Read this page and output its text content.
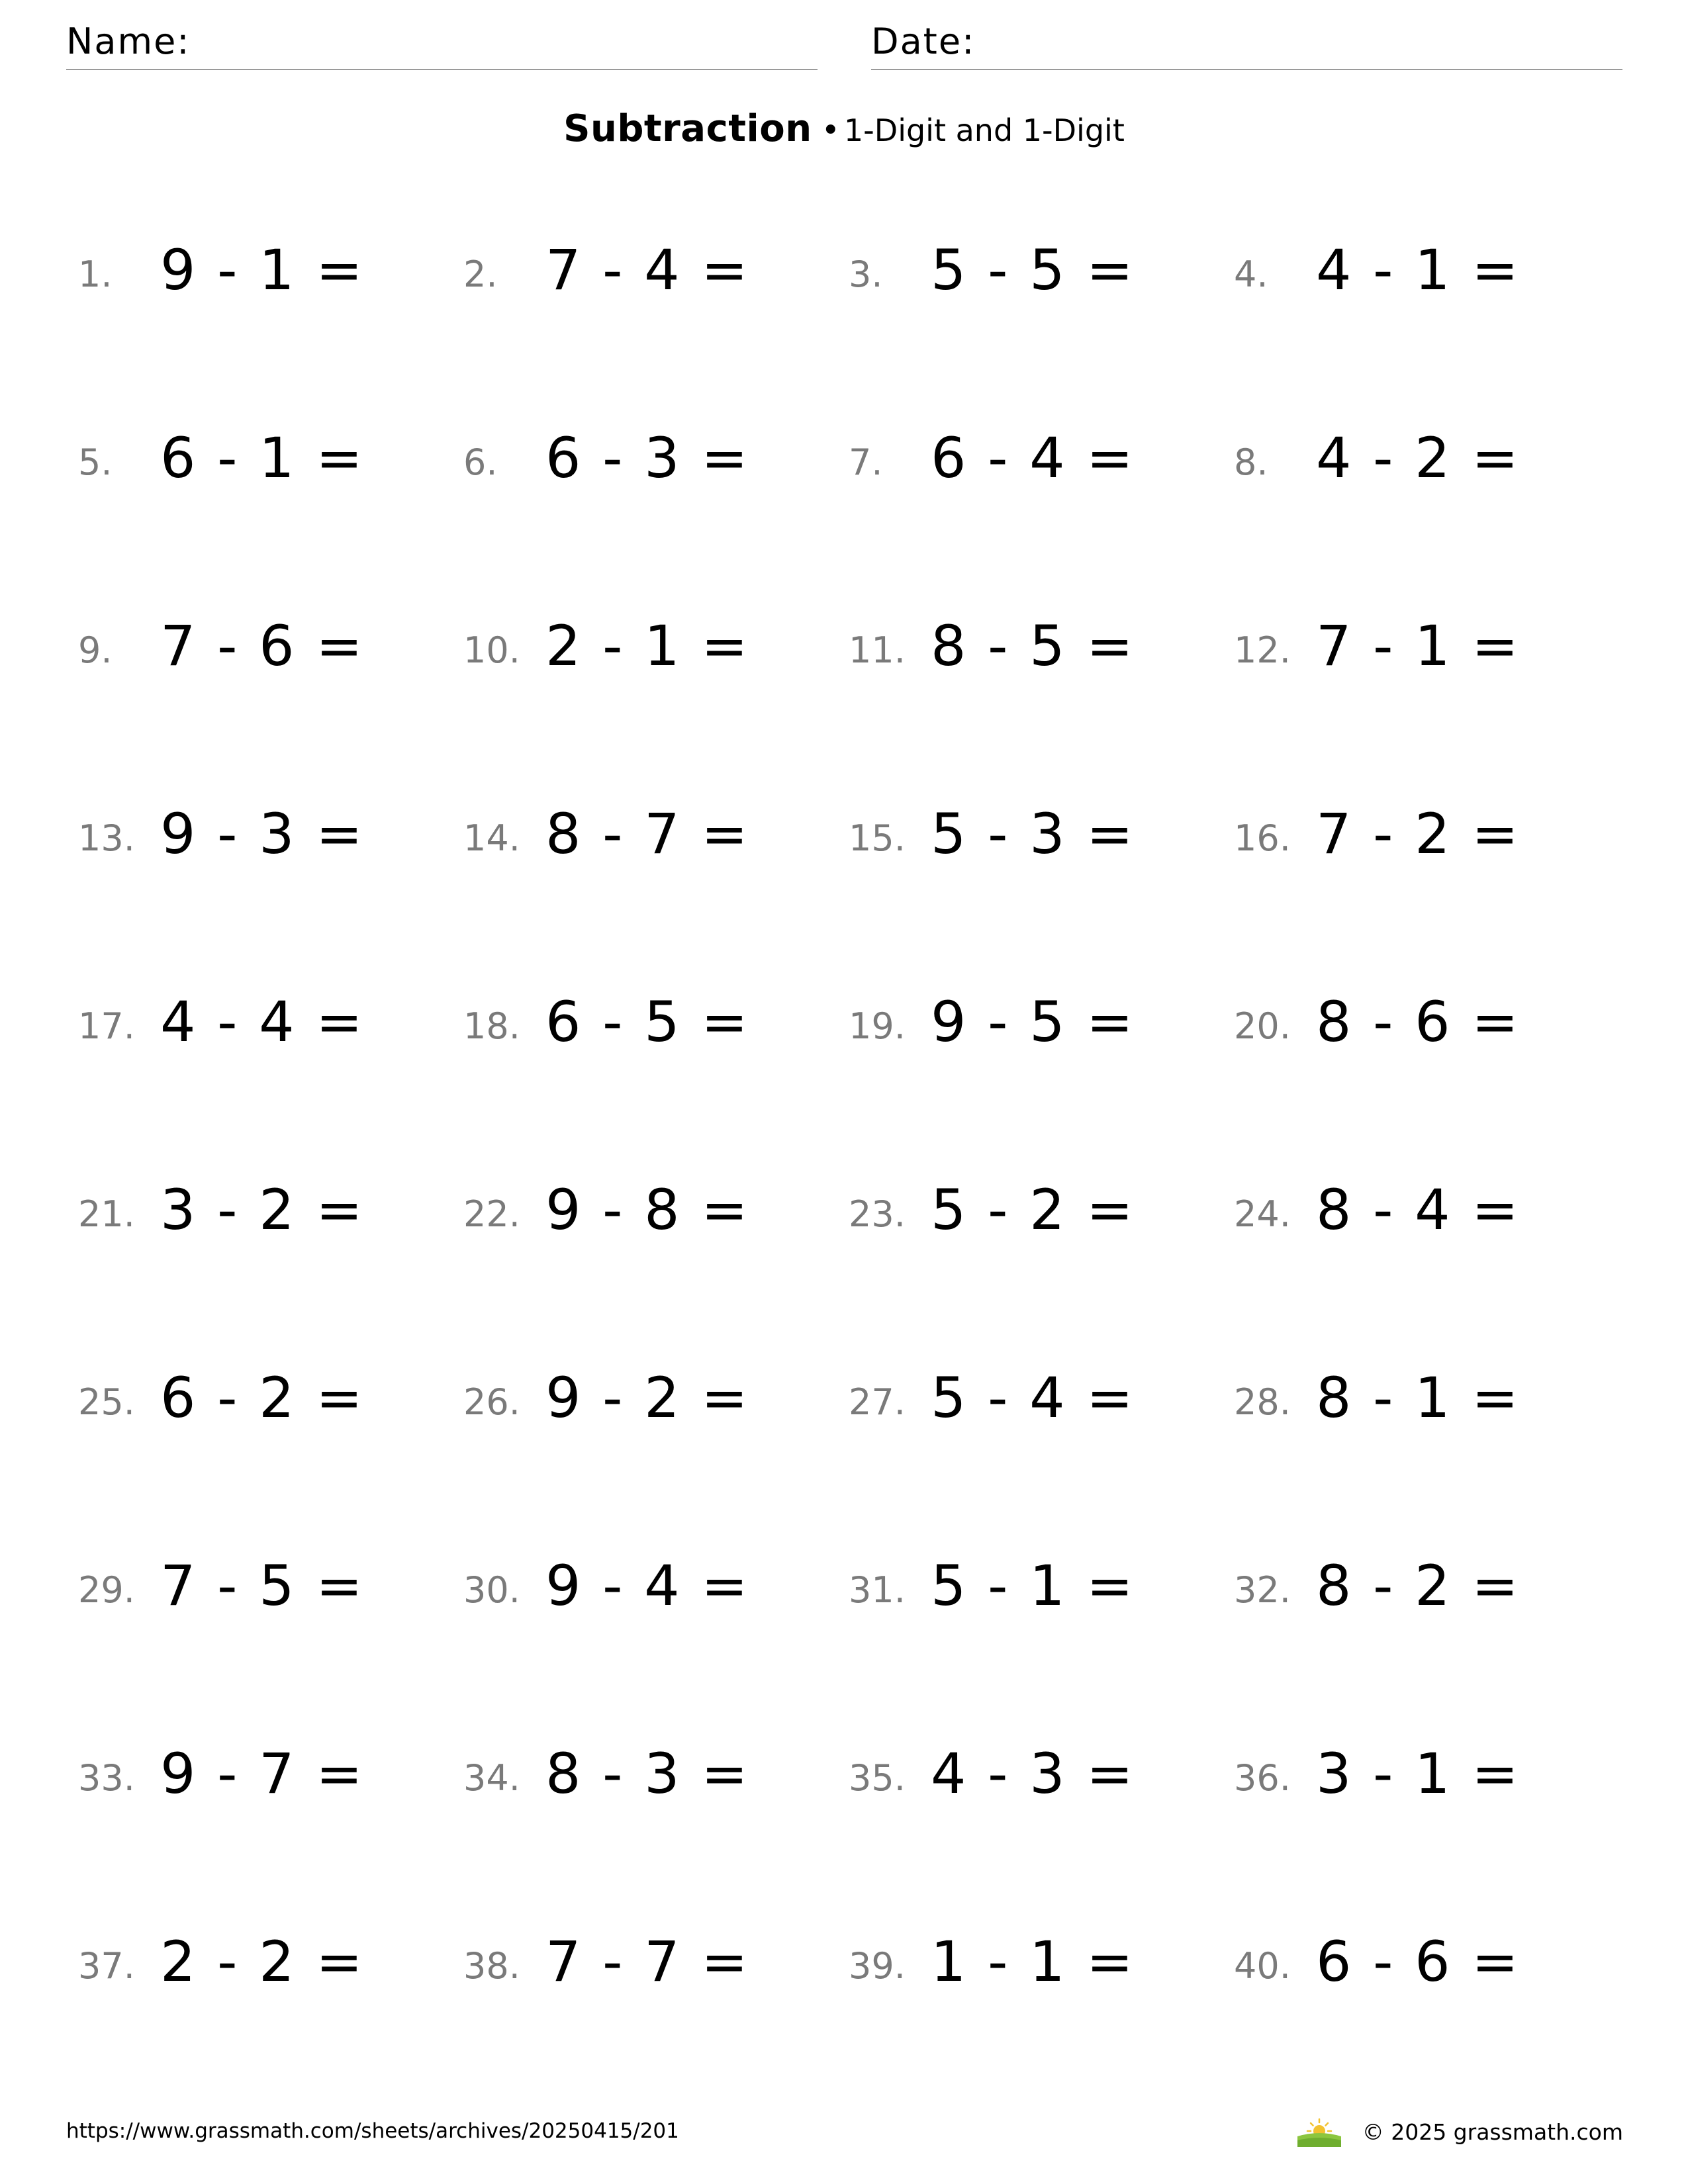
Name:	Date:
Subtraction • 1-Digit and 1-Digit
1. 9 - 1 =	2. 7 - 4 =	3. 5 - 5 =	4. 4 - 1 =
5. 6 - 1 =	6. 6 - 3 =	7. 6 - 4 =	8. 4 - 2 =
9. 7 - 6 =	10. 2 - 1 =	11. 8 - 5 =	12. 7 - 1 =
13. 9 - 3 =	14. 8 - 7 =	15. 5 - 3 =	16. 7 - 2 =
17. 4 - 4 =	18. 6 - 5 =	19. 9 - 5 =	20. 8 - 6 =
21. 3 - 2 =	22. 9 - 8 =	23. 5 - 2 =	24. 8 - 4 =
25. 6 - 2 =	26. 9 - 2 =	27. 5 - 4 =	28. 8 - 1 =
29. 7 - 5 =	30. 9 - 4 =	31. 5 - 1 =	32. 8 - 2 =
33. 9 - 7 =	34. 8 - 3 =	35. 4 - 3 =	36. 3 - 1 =
37. 2 - 2 =	38. 7 - 7 =	39. 1 - 1 =	40. 6 - 6 =
https://www.grassmath.com/sheets/archives/20250415/201	© 2025 grassmath.com
